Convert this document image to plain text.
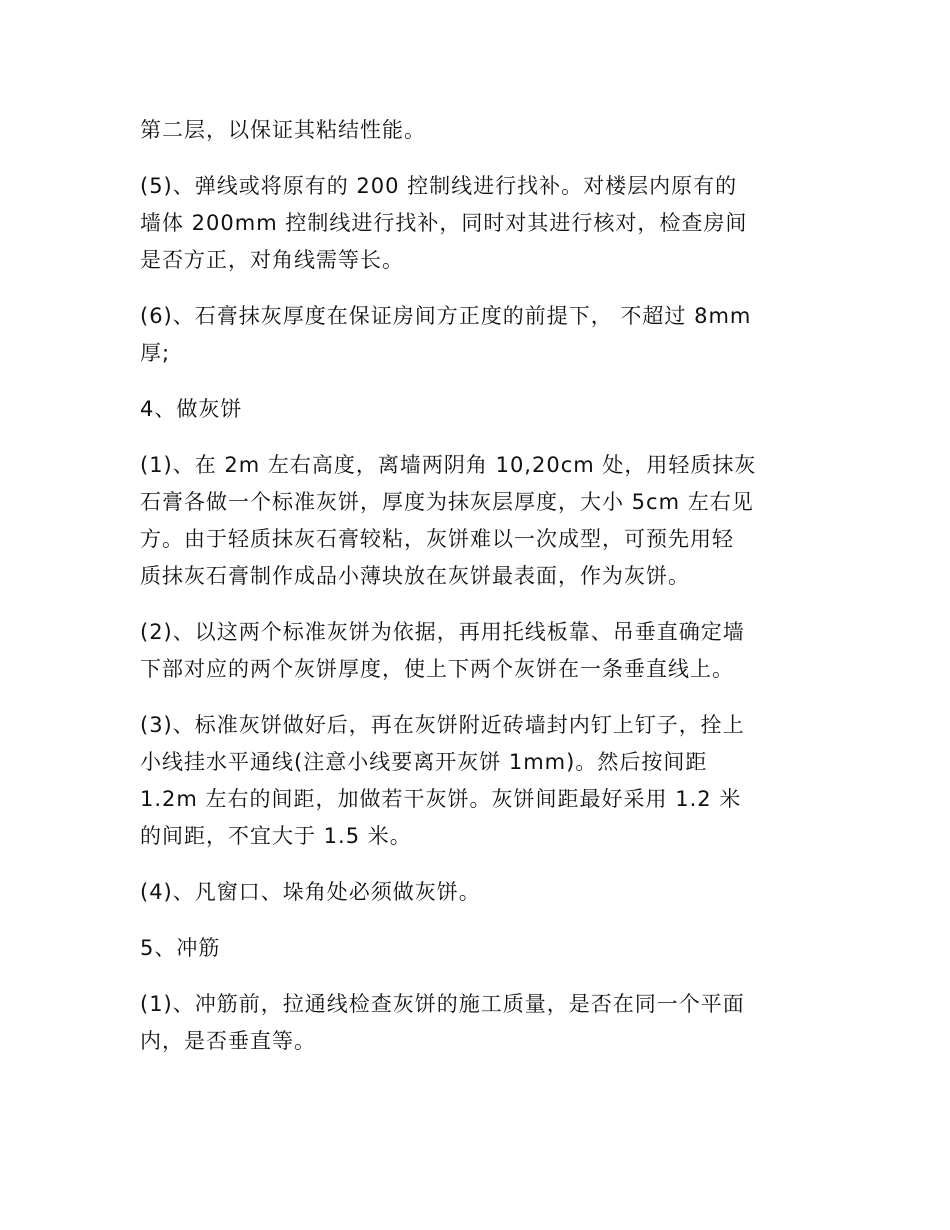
第二层，以保证其粘结性能。

(5)、弹线或将原有的 200 控制线进行找补。对楼层内原有的
墙体 200mm 控制线进行找补，同时对其进行核对，检查房间
是否方正，对角线需等长。

(6)、石膏抹灰厚度在保证房间方正度的前提下， 不超过 8mm
厚;

4、做灰饼

(1)、在 2m 左右高度，离墙两阴角 10,20cm 处，用轻质抹灰
石膏各做一个标准灰饼，厚度为抹灰层厚度，大小 5cm 左右见
方。由于轻质抹灰石膏较粘，灰饼难以一次成型，可预先用轻
质抹灰石膏制作成品小薄块放在灰饼最表面，作为灰饼。

(2)、以这两个标准灰饼为依据，再用托线板靠、吊垂直确定墙
下部对应的两个灰饼厚度，使上下两个灰饼在一条垂直线上。

(3)、标准灰饼做好后，再在灰饼附近砖墙封内钉上钉子，拴上
小线挂水平通线(注意小线要离开灰饼 1mm)。然后按间距
1.2m 左右的间距，加做若干灰饼。灰饼间距最好采用 1.2 米
的间距，不宜大于 1.5 米。

(4)、凡窗口、垛角处必须做灰饼。

5、冲筋

(1)、冲筋前，拉通线检查灰饼的施工质量，是否在同一个平面
内，是否垂直等。
